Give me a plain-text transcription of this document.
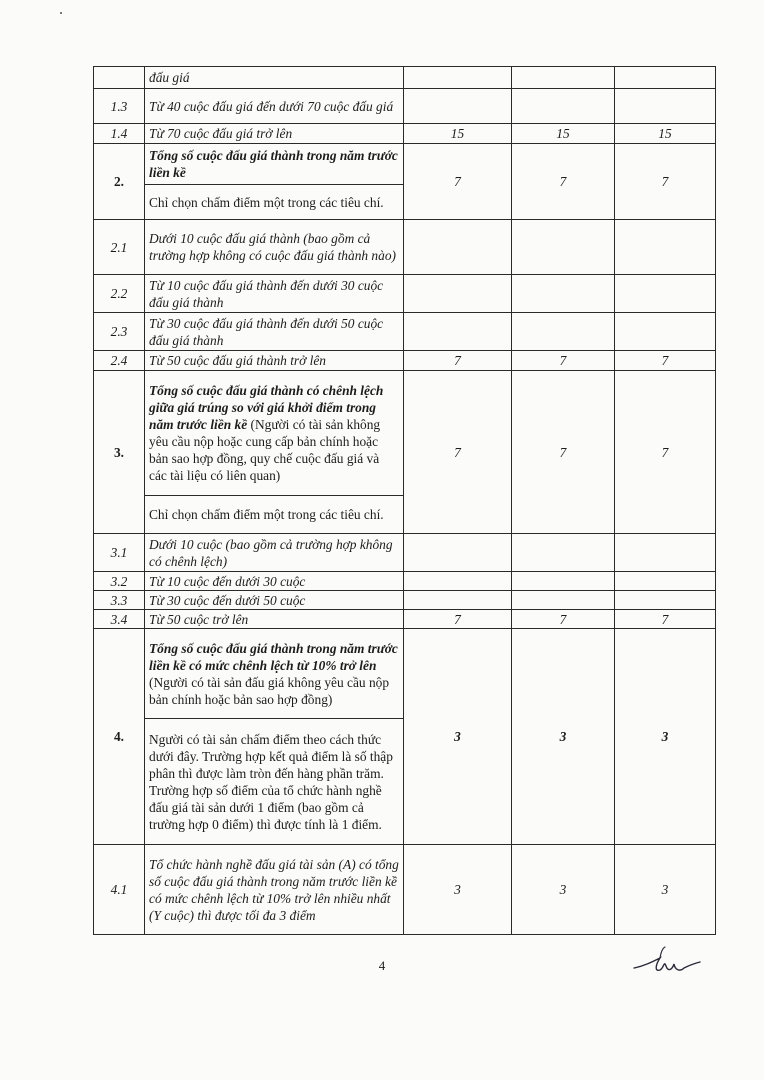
	đấu giá			
1.3	Từ 40 cuộc đấu giá đến dưới 70 cuộc đấu giá			
1.4	Từ 70 cuộc đấu giá trở lên	15	15	15
2.	Tổng số cuộc đấu giá thành trong năm trước liền kề	7	7	7
	Chỉ chọn chấm điểm một trong các tiêu chí.			
2.1	Dưới 10 cuộc đấu giá thành (bao gồm cả trường hợp không có cuộc đấu giá thành nào)			
2.2	Từ 10 cuộc đấu giá thành đến dưới 30 cuộc đấu giá thành			
2.3	Từ 30 cuộc đấu giá thành đến dưới 50 cuộc đấu giá thành			
2.4	Từ 50 cuộc đấu giá thành trở lên	7	7	7
3.	Tổng số cuộc đấu giá thành có chênh lệch giữa giá trúng so với giá khởi điểm trong năm trước liền kề (Người có tài sản không yêu cầu nộp hoặc cung cấp bản chính hoặc bản sao hợp đồng, quy chế cuộc đấu giá và các tài liệu có liên quan)	7	7	7
	Chỉ chọn chấm điểm một trong các tiêu chí.			
3.1	Dưới 10 cuộc (bao gồm cả trường hợp không có chênh lệch)			
3.2	Từ 10 cuộc đến dưới 30 cuộc			
3.3	Từ 30 cuộc đến dưới 50 cuộc			
3.4	Từ 50 cuộc trở lên	7	7	7
4.	Tổng số cuộc đấu giá thành trong năm trước liền kề có mức chênh lệch từ 10% trở lên (Người có tài sản đấu giá không yêu cầu nộp bản chính hoặc bản sao hợp đồng)	3	3	3
	Người có tài sản chấm điểm theo cách thức dưới đây. Trường hợp kết quả điểm là số thập phân thì được làm tròn đến hàng phần trăm. Trường hợp số điểm của tổ chức hành nghề đấu giá tài sản dưới 1 điểm (bao gồm cả trường hợp 0 điểm) thì được tính là 1 điểm.			
4.1	Tổ chức hành nghề đấu giá tài sản (A) có tổng số cuộc đấu giá thành trong năm trước liền kề có mức chênh lệch từ 10% trở lên nhiều nhất (Y cuộc) thì được tối đa 3 điểm	3	3	3
4
